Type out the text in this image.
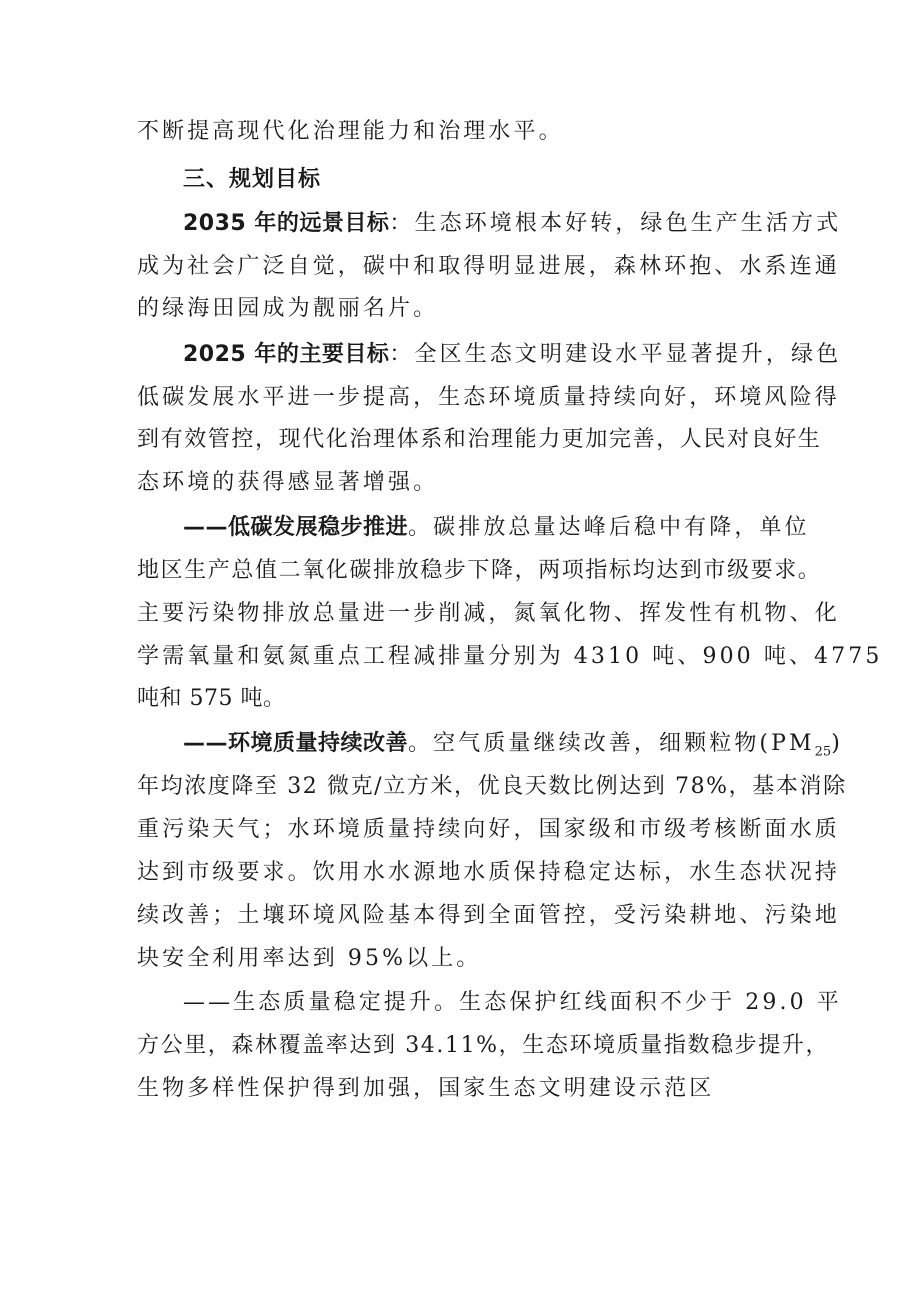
不断提高现代化治理能力和治理水平。
三、规划目标
2035 年的远景目标：生态环境根本好转，绿色生产生活方式
成为社会广泛自觉，碳中和取得明显进展，森林环抱、水系连通
的绿海田园成为靓丽名片。
2025 年的主要目标：全区生态文明建设水平显著提升，绿色
低碳发展水平进一步提高，生态环境质量持续向好，环境风险得
到有效管控，现代化治理体系和治理能力更加完善，人民对良好生
态环境的获得感显著增强。
——低碳发展稳步推进。碳排放总量达峰后稳中有降，单位
地区生产总值二氧化碳排放稳步下降，两项指标均达到市级要求。
主要污染物排放总量进一步削减，氮氧化物、挥发性有机物、化
学需氧量和氨氮重点工程减排量分别为 4310 吨、900 吨、4775
吨和 575 吨。
——环境质量持续改善。空气质量继续改善，细颗粒物$(PM_{25})$
年均浓度降至 32 微克/立方米，优良天数比例达到 78%，基本消除
重污染天气；水环境质量持续向好，国家级和市级考核断面水质
达到市级要求。饮用水水源地水质保持稳定达标，水生态状况持
续改善；土壤环境风险基本得到全面管控，受污染耕地、污染地
块安全利用率达到 95%以上。
——生态质量稳定提升。生态保护红线面积不少于 29.0 平
方公里，森林覆盖率达到 34.11%，生态环境质量指数稳步提升，
生物多样性保护得到加强，国家生态文明建设示范区
